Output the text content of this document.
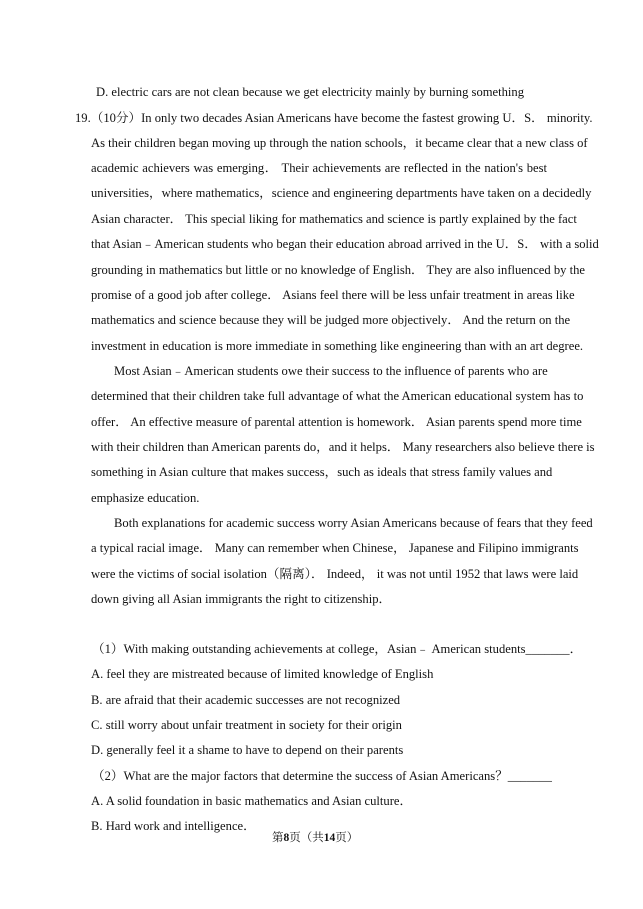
D. electric cars are not clean because we get electricity mainly by burning something
19.（10分）In only two decades Asian Americans have become the fastest growing U．S． minority.
As their children began moving up through the nation schools，it became clear that a new class of
academic achievers was emerging． Their achievements are reflected in the nation's best
universities，where mathematics，science and engineering departments have taken on a decidedly
Asian character． This special liking for mathematics and science is partly explained by the fact
that Asian﹣American students who began their education abroad arrived in the U．S． with a solid
grounding in mathematics but little or no knowledge of English． They are also influenced by the
promise of a good job after college． Asians feel there will be less unfair treatment in areas like
mathematics and science because they will be judged more objectively． And the return on the
investment in education is more immediate in something like engineering than with an art degree.
Most Asian﹣American students owe their success to the influence of parents who are
determined that their children take full advantage of what the American educational system has to
offer． An effective measure of parental attention is homework． Asian parents spend more time
with their children than American parents do，and it helps． Many researchers also believe there is
something in Asian culture that makes success，such as ideals that stress family values and
emphasize education.
Both explanations for academic success worry Asian Americans because of fears that they feed
a typical racial image． Many can remember when Chinese， Japanese and Filipino immigrants
were the victims of social isolation（隔离）． Indeed， it was not until 1952 that laws were laid
down giving all Asian immigrants the right to citizenship．
（1）With making outstanding achievements at college，Asian﹣ American students_______．
A. feel they are mistreated because of limited knowledge of English
B. are afraid that their academic successes are not recognized
C. still worry about unfair treatment in society for their origin
D. generally feel it a shame to have to depend on their parents
（2）What are the major factors that determine the success of Asian Americans？_______
A. A solid foundation in basic mathematics and Asian culture．
B. Hard work and intelligence．
第8页（共14页）
